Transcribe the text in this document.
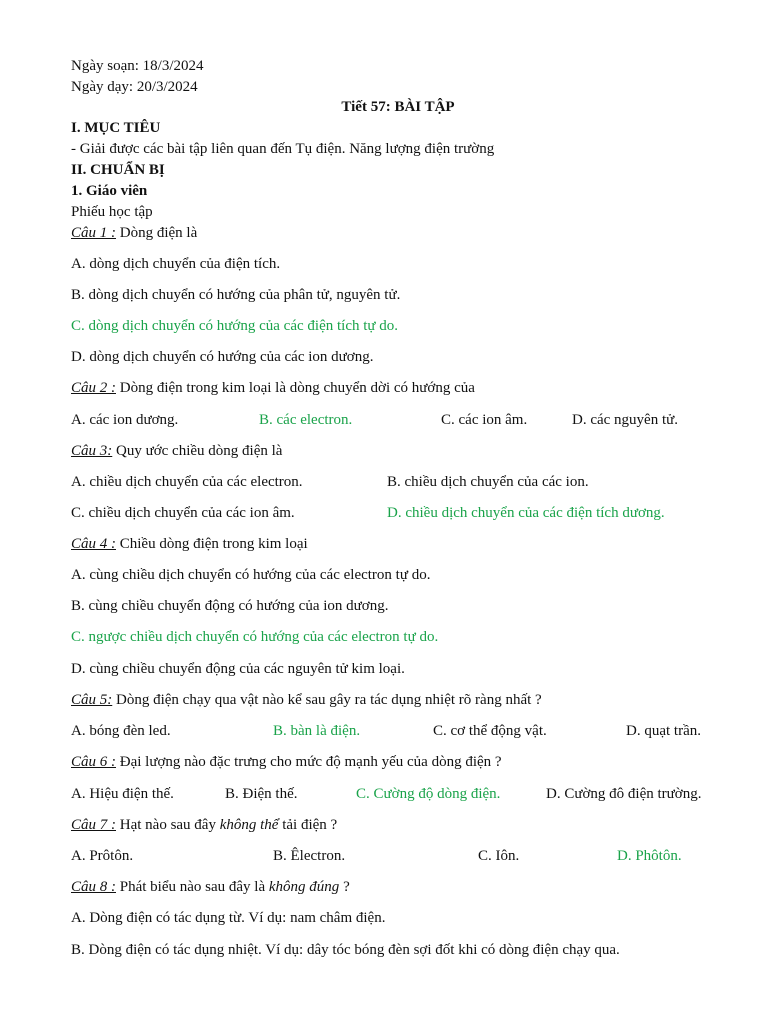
Ngày soạn: 18/3/2024
Ngày dạy: 20/3/2024
Tiết 57: BÀI TẬP
I. MỤC TIÊU
- Giải được các bài tập liên quan đến Tụ điện. Năng lượng điện trường
II. CHUẨN BỊ
1. Giáo viên
Phiếu học tập
Câu 1 : Dòng điện là
A. dòng dịch chuyển của điện tích.
B. dòng dịch chuyển có hướng của phân tử, nguyên tử.
C. dòng dịch chuyển có hướng của các điện tích tự do.
D. dòng dịch chuyển có hướng của các ion dương.
Câu 2 : Dòng điện trong kim loại là dòng chuyển dời có hướng của
A. các ion dương.	B. các electron.	C. các ion âm.	D. các nguyên tử.
Câu 3: Quy ước chiều dòng điện là
A. chiều dịch chuyển của các electron.	B. chiều dịch chuyển của các ion.
C. chiều dịch chuyển của các ion âm.	D. chiều dịch chuyển của các điện tích dương.
Câu 4 : Chiều dòng điện trong kim loại
A. cùng chiều dịch chuyển có hướng của các electron tự do.
B. cùng chiều chuyển động có hướng của ion dương.
C. ngược chiều dịch chuyển có hướng của các electron tự do.
D. cùng chiều chuyển động của các nguyên tử kim loại.
Câu 5: Dòng điện chạy qua vật nào kể sau gây ra tác dụng nhiệt rõ ràng nhất ?
A. bóng đèn led.	B. bàn là điện.	C. cơ thể động vật.	D. quạt trần.
Câu 6 : Đại lượng nào đặc trưng cho mức độ mạnh yếu của dòng điện ?
A. Hiệu điện thế.	B. Điện thế.	C. Cường độ dòng điện.	D. Cường đô điện trường.
Câu 7 : Hạt nào sau đây không thể tải điện ?
A. Prôtôn.	B. Êlectron.	C. Iôn.	D. Phôtôn.
Câu 8 : Phát biểu nào sau đây là không đúng ?
A. Dòng điện có tác dụng từ. Ví dụ: nam châm điện.
B. Dòng điện có tác dụng nhiệt. Ví dụ: dây tóc bóng đèn sợi đốt khi có dòng điện chạy qua.
